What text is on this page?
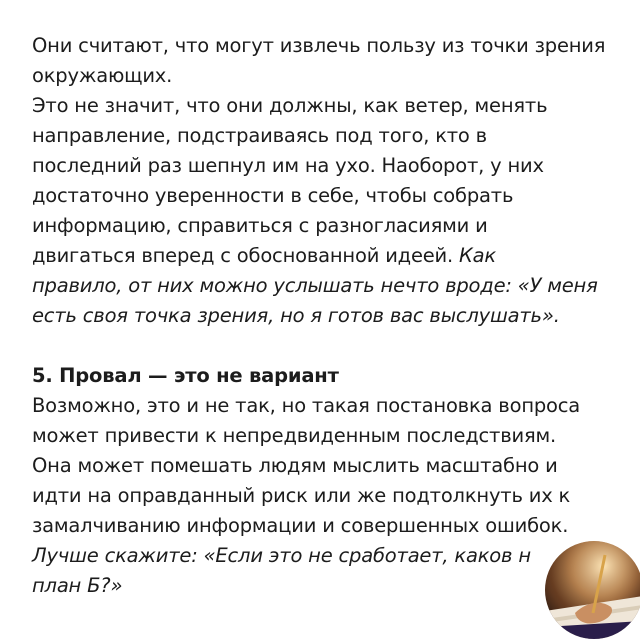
Они считают, что могут извлечь пользу из точки зрения
окружающих.
Это не значит, что они должны, как ветер, менять
направление, подстраиваясь под того, кто в
последний раз шепнул им на ухо. Наоборот, у них
достаточно уверенности в себе, чтобы собрать
информацию, справиться с разногласиями и
двигаться вперед с обоснованной идеей. Как
правило, от них можно услышать нечто вроде: «У меня
есть своя точка зрения, но я готов вас выслушать».
5. Провал — это не вариант
Возможно, это и не так, но такая постановка вопроса
может привести к непредвиденным последствиям.
Она может помешать людям мыслить масштабно и
идти на оправданный риск или же подтолкнуть их к
замалчиванию информации и совершенных ошибок.
Лучше скажите: «Если это не сработает, каков н
план Б?»
